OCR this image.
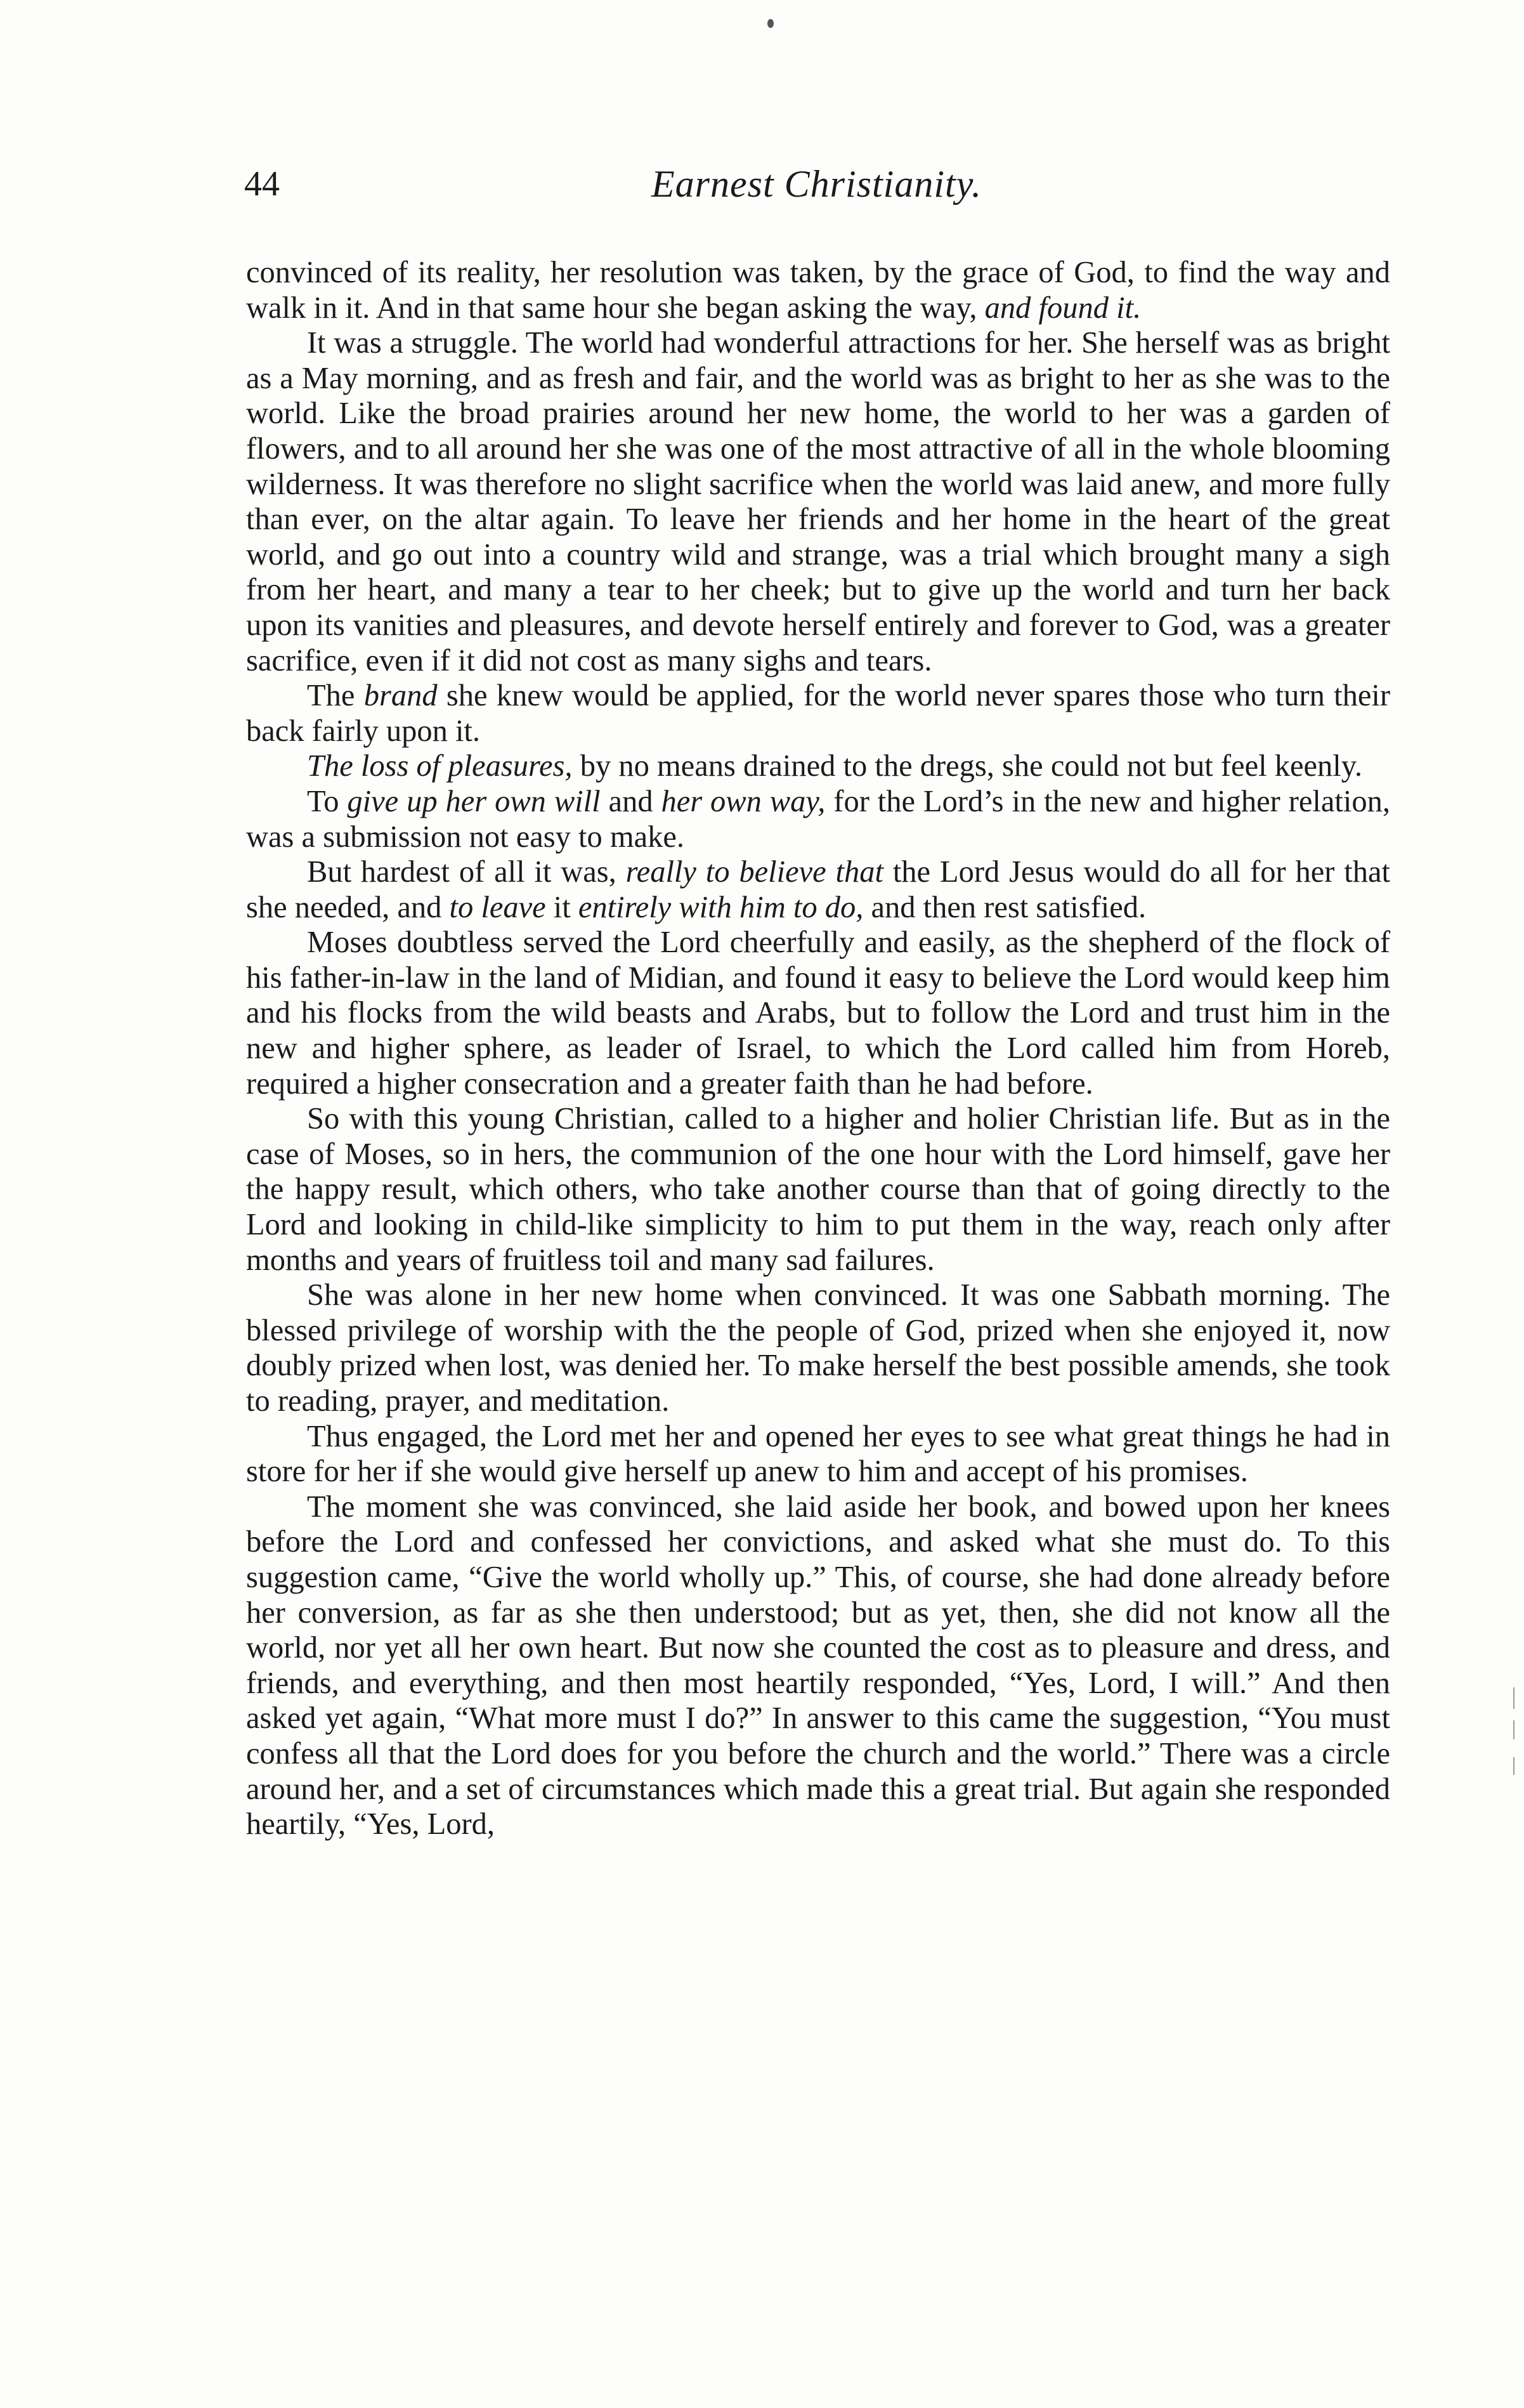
44	Earnest Christianity.

convinced of its reality, her resolution was taken, by the grace of God, to find the way and walk in it. And in that same hour she began asking the way, and found it.

It was a struggle. The world had wonderful attractions for her. She herself was as bright as a May morning, and as fresh and fair, and the world was as bright to her as she was to the world. Like the broad prairies around her new home, the world to her was a garden of flowers, and to all around her she was one of the most attractive of all in the whole blooming wilderness. It was therefore no slight sacrifice when the world was laid anew, and more fully than ever, on the altar again. To leave her friends and her home in the heart of the great world, and go out into a country wild and strange, was a trial which brought many a sigh from her heart, and many a tear to her cheek; but to give up the world and turn her back upon its vanities and pleasures, and devote herself entirely and forever to God, was a greater sacrifice, even if it did not cost as many sighs and tears.

The brand she knew would be applied, for the world never spares those who turn their back fairly upon it.

The loss of pleasures, by no means drained to the dregs, she could not but feel keenly.

To give up her own will and her own way, for the Lord’s in the new and higher relation, was a submission not easy to make.

But hardest of all it was, really to believe that the Lord Jesus would do all for her that she needed, and to leave it entirely with him to do, and then rest satisfied.

Moses doubtless served the Lord cheerfully and easily, as the shepherd of the flock of his father-in-law in the land of Midian, and found it easy to believe the Lord would keep him and his flocks from the wild beasts and Arabs, but to follow the Lord and trust him in the new and higher sphere, as leader of Israel, to which the Lord called him from Horeb, required a higher consecration and a greater faith than he had before.

So with this young Christian, called to a higher and holier Christian life. But as in the case of Moses, so in hers, the communion of the one hour with the Lord himself, gave her the happy result, which others, who take another course than that of going directly to the Lord and looking in child-like simplicity to him to put them in the way, reach only after months and years of fruitless toil and many sad failures.

She was alone in her new home when convinced. It was one Sabbath morning. The blessed privilege of worship with the the people of God, prized when she enjoyed it, now doubly prized when lost, was denied her. To make herself the best possible amends, she took to reading, prayer, and meditation.

Thus engaged, the Lord met her and opened her eyes to see what great things he had in store for her if she would give herself up anew to him and accept of his promises.

The moment she was convinced, she laid aside her book, and bowed upon her knees before the Lord and confessed her convictions, and asked what she must do. To this suggestion came, “Give the world wholly up.” This, of course, she had done already before her conversion, as far as she then understood; but as yet, then, she did not know all the world, nor yet all her own heart. But now she counted the cost as to pleasure and dress, and friends, and everything, and then most heartily responded, “Yes, Lord, I will.” And then asked yet again, “What more must I do?” In answer to this came the suggestion, “You must confess all that the Lord does for you before the church and the world.” There was a circle around her, and a set of circumstances which made this a great trial. But again she responded heartily, “Yes, Lord,
